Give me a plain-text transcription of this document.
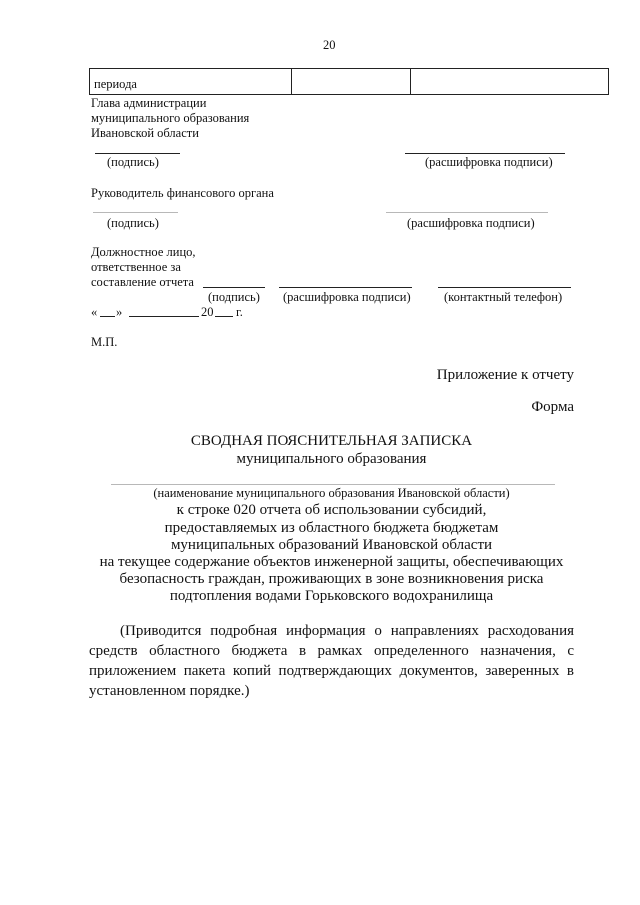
20
периода		
Глава администрации
муниципального образования
Ивановской области
(подпись)	(расшифровка подписи)
Руководитель финансового органа
(подпись)	(расшифровка подписи)
Должностное лицо,
ответственное за
составление отчета
(подпись) (расшифровка подписи)	(контактный телефон)
« »	20 г.
М.П.
Приложение к отчету
Форма
СВОДНАЯ ПОЯСНИТЕЛЬНАЯ ЗАПИСКА
муниципального образования
(наименование муниципального образования Ивановской области)
к строке 020 отчета об использовании субсидий,
предоставляемых из областного бюджета бюджетам
муниципальных образований Ивановской области
на текущее содержание объектов инженерной защиты, обеспечивающих
безопасность граждан, проживающих в зоне возникновения риска
подтопления водами Горьковского водохранилища
(Приводится подробная информация о направлениях расходования средств областного бюджета в рамках определенного назначения, с приложением пакета копий подтверждающих документов, заверенных в установленном порядке.)
